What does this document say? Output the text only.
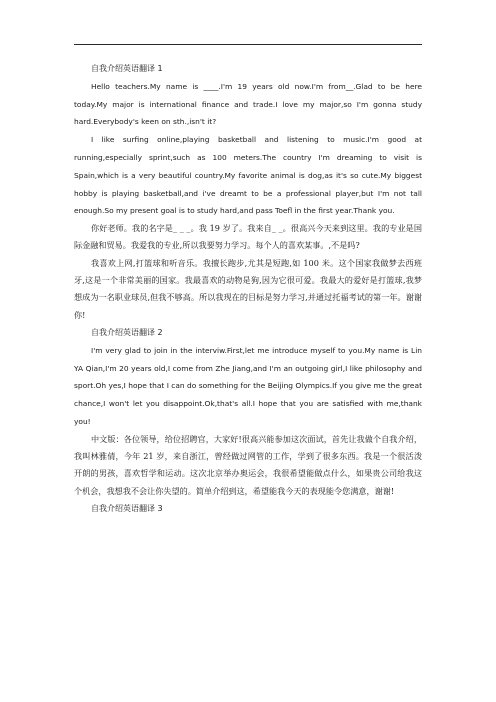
自我介绍英语翻译 1

Hello teachers.My name is ____.I'm 19 years old now.I'm from__.Glad to be here today.My major is international finance and trade.I love my major,so I'm gonna study hard.Everybody's keen on sth.,isn't it?

I like surfing online,playing basketball and listening to music.I'm good at running,especially sprint,such as 100 meters.The country I'm dreaming to visit is Spain,which is a very beautiful country.My favorite animal is dog,as it's so cute.My biggest hobby is playing basketball,and i've dreamt to be a professional player,but I'm not tall enough.So my present goal is to study hard,and pass Toefl in the first year.Thank you.

你好老师。我的名字是_ _ _。我 19 岁了。我来自_ _。很高兴今天来到这里。我的专业是国际金融和贸易。我爱我的专业,所以我要努力学习。每个人的喜欢某事。,不是吗?

我喜欢上网,打篮球和听音乐。我擅长跑步,尤其是短跑,如 100 米。这个国家我做梦去西班牙,这是一个非常美丽的国家。我最喜欢的动物是狗,因为它很可爱。我最大的爱好是打篮球,我梦想成为一名职业球员,但我不够高。所以我现在的目标是努力学习,并通过托福考试的第一年。谢谢你!

自我介绍英语翻译 2

I'm very glad to join in the interviw.First,let me introduce myself to you.My name is Lin YA Qian,I'm 20 years old,I come from Zhe Jiang,and I'm an outgoing girl,I like philosophy and sport.Oh yes,I hope that I can do something for the Beijing Olympics.If you give me the great chance,I won't let you disappoint.Ok,that's all.I hope that you are satisfied with me,thank you!

中文版：各位领导，给位招聘官，大家好!很高兴能参加这次面试，首先让我做个自我介绍，我叫林雅倩，今年 21 岁，来自浙江，曾经做过网管的工作，学到了很多东西。我是一个很活泼开朗的男孩，喜欢哲学和运动。这次北京举办奥运会，我很希望能做点什么，如果贵公司给我这个机会，我想我不会让你失望的。简单介绍到这，希望能我今天的表现能令您满意，谢谢!

自我介绍英语翻译 3
